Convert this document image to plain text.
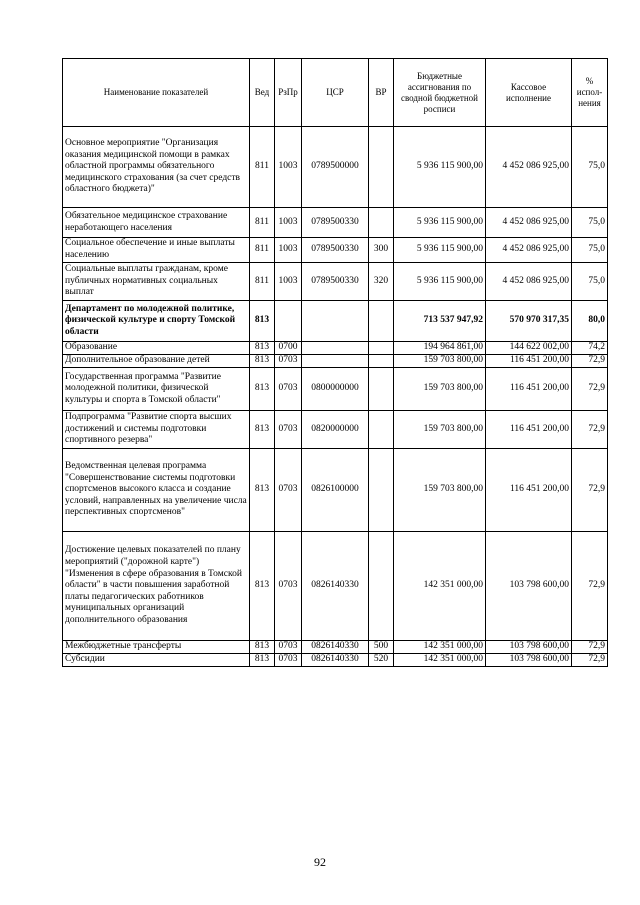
Наименование показателей	Вед	РзПр	ЦСР	ВР	Бюджетные ассигнования по сводной бюджетной росписи	Кассовое исполнение	% испол- нения
Основное мероприятие "Организация оказания медицинской помощи в рамках областной программы обязательного медицинского страхования (за счет средств областного бюджета)"	811	1003	0789500000		5 936 115 900,00	4 452 086 925,00	75,0
Обязательное медицинское страхование неработающего населения	811	1003	0789500330		5 936 115 900,00	4 452 086 925,00	75,0
Социальное обеспечение и иные выплаты населению	811	1003	0789500330	300	5 936 115 900,00	4 452 086 925,00	75,0
Социальные выплаты гражданам, кроме публичных нормативных социальных выплат	811	1003	0789500330	320	5 936 115 900,00	4 452 086 925,00	75,0
Департамент по молодежной политике, физической культуре и спорту Томской области	813				713 537 947,92	570 970 317,35	80,0
Образование	813	0700			194 964 861,00	144 622 002,00	74,2
Дополнительное образование детей	813	0703			159 703 800,00	116 451 200,00	72,9
Государственная программа "Развитие молодежной политики, физической культуры и спорта в Томской области"	813	0703	0800000000		159 703 800,00	116 451 200,00	72,9
Подпрограмма "Развитие спорта высших достижений и системы подготовки спортивного резерва"	813	0703	0820000000		159 703 800,00	116 451 200,00	72,9
Ведомственная целевая программа "Совершенствование системы подготовки спортсменов высокого класса и создание условий, направленных на увеличение числа перспективных спортсменов"	813	0703	0826100000		159 703 800,00	116 451 200,00	72,9
Достижение целевых показателей по плану мероприятий ("дорожной карте") "Изменения в сфере образования в Томской области" в части повышения заработной платы педагогических работников муниципальных организаций дополнительного образования	813	0703	0826140330		142 351 000,00	103 798 600,00	72,9
Межбюджетные трансферты	813	0703	0826140330	500	142 351 000,00	103 798 600,00	72,9
Субсидии	813	0703	0826140330	520	142 351 000,00	103 798 600,00	72,9
92
